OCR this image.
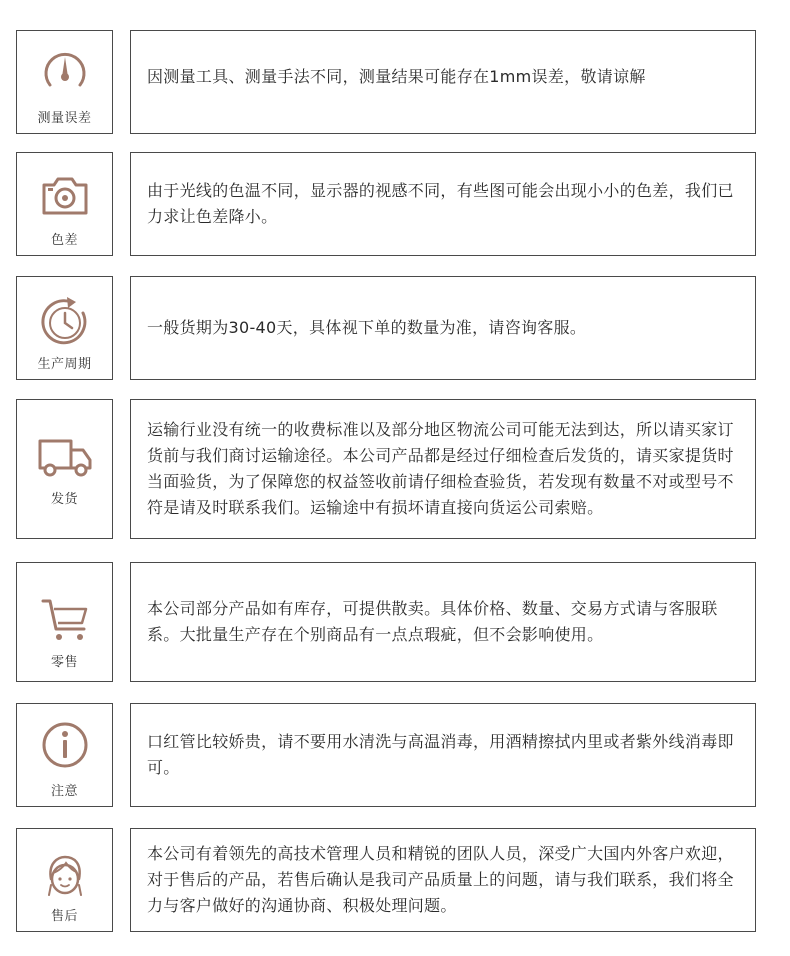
测量误差

因测量工具、测量手法不同，测量结果可能存在1mm误差，敬请谅解

色差

由于光线的色温不同，显示器的视感不同，有些图可能会出现小小的色差，我们已力求让色差降小。

生产周期

一般货期为30-40天，具体视下单的数量为准，请咨询客服。

发货

运输行业没有统一的收费标准以及部分地区物流公司可能无法到达，所以请买家订货前与我们商讨运输途径。本公司产品都是经过仔细检查后发货的，请买家提货时当面验货，为了保障您的权益签收前请仔细检查验货，若发现有数量不对或型号不符是请及时联系我们。运输途中有损坏请直接向货运公司索赔。

零售

本公司部分产品如有库存，可提供散卖。具体价格、数量、交易方式请与客服联系。大批量生产存在个别商品有一点点瑕疵，但不会影响使用。

注意

口红管比较娇贵，请不要用水清洗与高温消毒，用酒精擦拭内里或者紫外线消毒即可。

售后

本公司有着领先的高技术管理人员和精锐的团队人员，深受广大国内外客户欢迎，对于售后的产品，若售后确认是我司产品质量上的问题，请与我们联系，我们将全力与客户做好的沟通协商、积极处理问题。
